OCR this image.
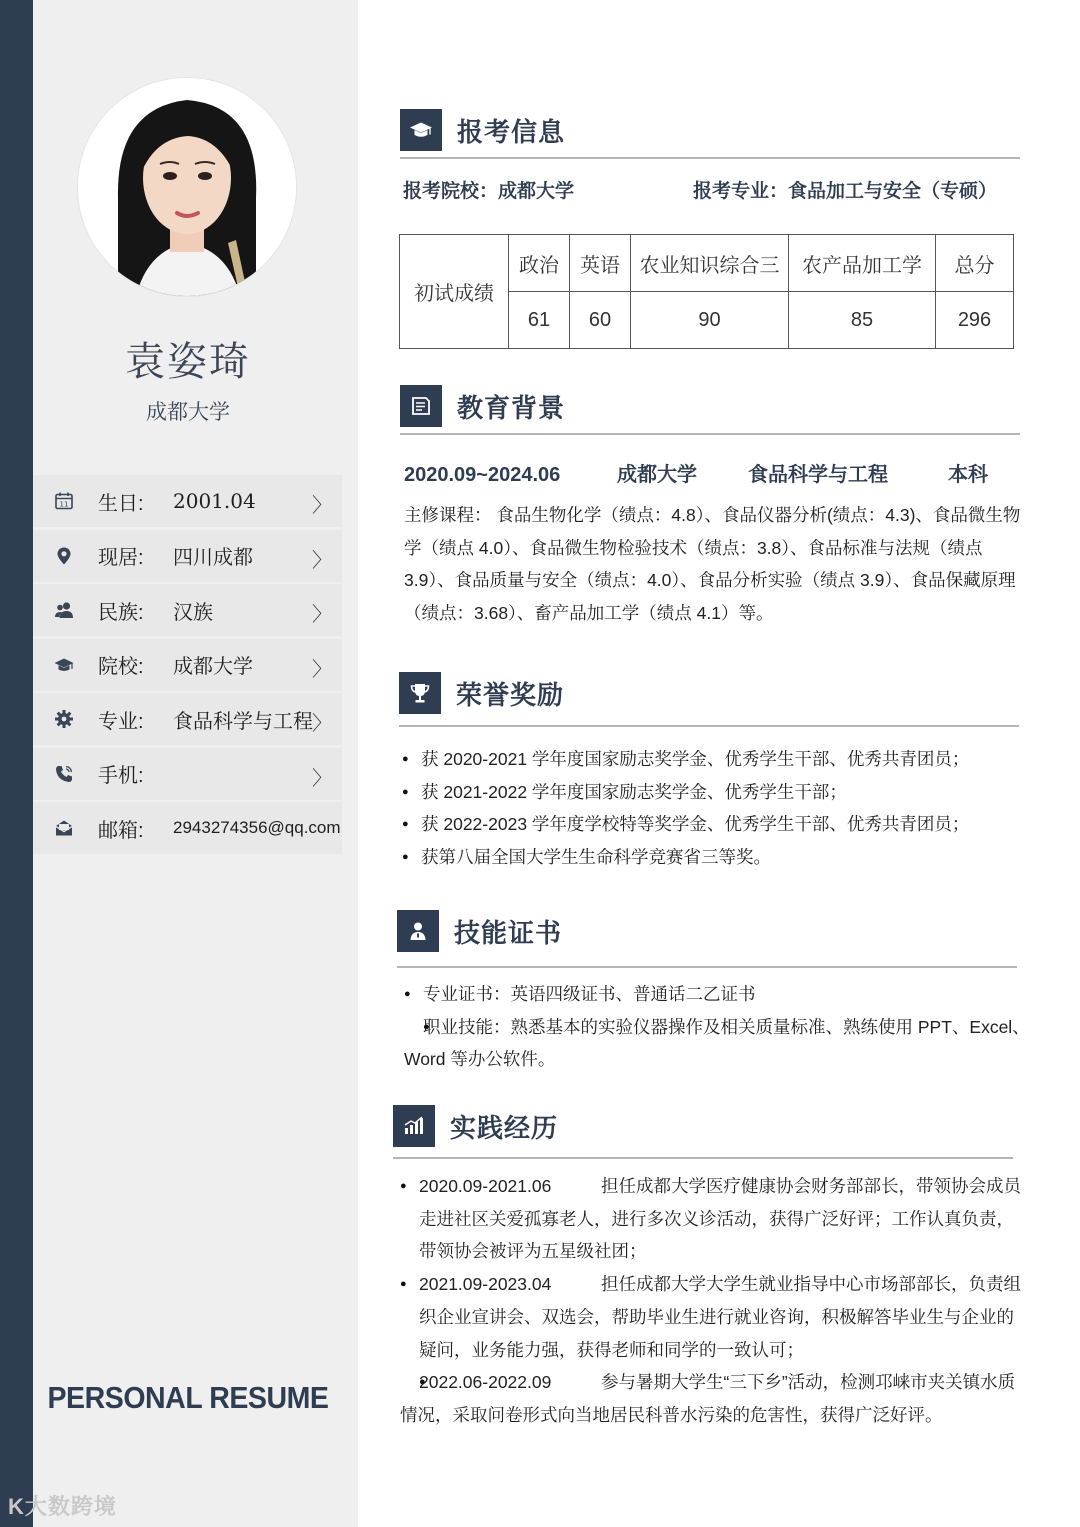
袁姿琦
成都大学
11 生日:	2001.04	〉
现居:	四川成都	〉
民族:	汉族	〉
院校:	成都大学	〉
专业:	食品科学与工程 〉
手机:	〉
邮箱:	2943274356@qq.com
PERSONAL RESUME
K大数跨境
报考信息
报考院校：成都大学	报考专业：食品加工与安全（专硕）
初试成绩	政治	英语	农业知识综合三	农产品加工学	总分
	61	60	90	85	296
教育背景
2020.09~2024.06	成都大学	食品科学与工程	本科
主修课程： 食品生物化学（绩点：4.8）、食品仪器分析(绩点：4.3)、食品微生物学（绩点 4.0）、食品微生物检验技术（绩点：3.8）、食品标准与法规（绩点 3.9）、食品质量与安全（绩点：4.0）、食品分析实验（绩点 3.9）、食品保藏原理（绩点：3.68）、畜产品加工学（绩点 4.1）等。
荣誉奖励
● 获 2020-2021 学年度国家励志奖学金、优秀学生干部、优秀共青团员；
● 获 2021-2022 学年度国家励志奖学金、优秀学生干部；
● 获 2022-2023 学年度学校特等奖学金、优秀学生干部、优秀共青团员；
● 获第八届全国大学生生命科学竞赛省三等奖。
技能证书
● 专业证书：英语四级证书、普通话二乙证书
● 职业技能：熟悉基本的实验仪器操作及相关质量标准、熟练使用 PPT、Excel、Word 等办公软件。
实践经历
● 2020.09-2021.06	担任成都大学医疗健康协会财务部部长，带领协会成员走进社区关爱孤寡老人，进行多次义诊活动，获得广泛好评；工作认真负责，带领协会被评为五星级社团；
● 2021.09-2023.04	担任成都大学大学生就业指导中心市场部部长，负责组织企业宣讲会、双选会，帮助毕业生进行就业咨询，积极解答毕业生与企业的疑问，业务能力强，获得老师和同学的一致认可；
● 2022.06-2022.09	参与暑期大学生“三下乡”活动，检测邛崃市夹关镇水质情况，采取问卷形式向当地居民科普水污染的危害性，获得广泛好评。
